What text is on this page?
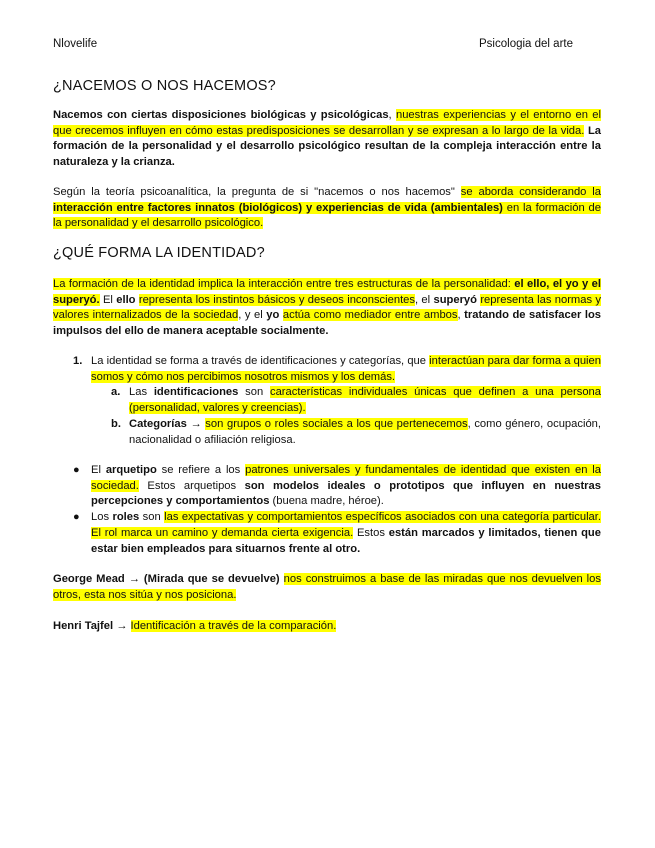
Nlovelife	Psicologia del arte
¿NACEMOS O NOS HACEMOS?

Nacemos con ciertas disposiciones biológicas y psicológicas, nuestras experiencias y el entorno en el que crecemos influyen en cómo estas predisposiciones se desarrollan y se expresan a lo largo de la vida. La formación de la personalidad y el desarrollo psicológico resultan de la compleja interacción entre la naturaleza y la crianza.

Según la teoría psicoanalítica, la pregunta de si "nacemos o nos hacemos" se aborda considerando la interacción entre factores innatos (biológicos) y experiencias de vida (ambientales) en la formación de la personalidad y el desarrollo psicológico.

¿QUÉ FORMA LA IDENTIDAD?

La formación de la identidad implica la interacción entre tres estructuras de la personalidad: el ello, el yo y el superyó. El ello representa los instintos básicos y deseos inconscientes, el superyó representa las normas y valores internalizados de la sociedad, y el yo actúa como mediador entre ambos, tratando de satisfacer los impulsos del ello de manera aceptable socialmente.

1. La identidad se forma a través de identificaciones y categorías, que interactúan para dar forma a quien somos y cómo nos percibimos nosotros mismos y los demás.
a. Las identificaciones son características individuales únicas que definen a una persona (personalidad, valores y creencias).
b. Categorías → son grupos o roles sociales a los que pertenecemos, como género, ocupación, nacionalidad o afiliación religiosa.
● El arquetipo se refiere a los patrones universales y fundamentales de identidad que existen en la sociedad. Estos arquetipos son modelos ideales o prototipos que influyen en nuestras percepciones y comportamientos (buena madre, héroe).
● Los roles son las expectativas y comportamientos específicos asociados con una categoría particular. El rol marca un camino y demanda cierta exigencia. Estos están marcados y limitados, tienen que estar bien empleados para situarnos frente al otro.

George Mead → (Mirada que se devuelve) nos construimos a base de las miradas que nos devuelven los otros, esta nos sitúa y nos posiciona.

Henri Tajfel → Identificación a través de la comparación.
